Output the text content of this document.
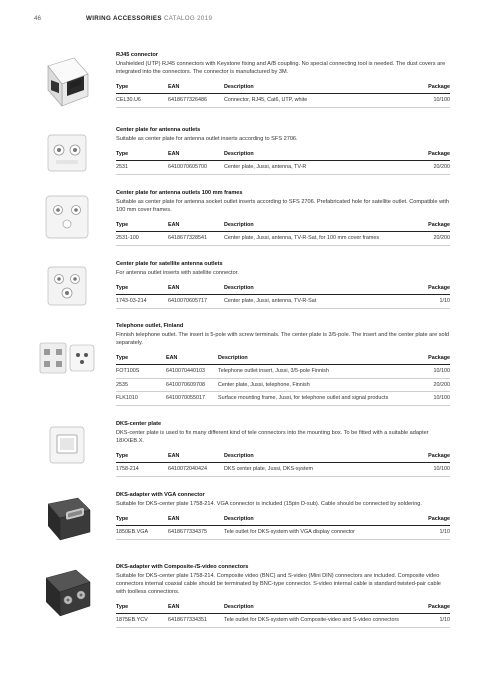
46	WIRING ACCESSORIES CATALOG 2019
RJ45 connector
Unshielded (UTP) RJ45 connectors with Keystone fixing and A/B coupling. No special connecting tool is needed. The dust covers are integrated into the connectors. The connector is manufactured by 3M.
Type	EAN	Description	Package
CEL30.U6	6418677326486	Connector, RJ45, Cat6, UTP, white	10/100
Center plate for antenna outlets
Suitable as center plate for antenna outlet inserts according to SFS 2706.
Type	EAN	Description	Package
2531	6410070605700	Center plate, Jussi, antenna, TV-R	20/200
Center plate for antenna outlets 100 mm frames
Suitable as center plate for antenna socket outlet inserts according to SFS 2706. Prefabricated hole for satellite outlet. Compatible with 100 mm cover frames.
Type	EAN	Description	Package
2531-100	6418677328541	Center plate, Jussi, antenna, TV-R-Sat, for 100 mm cover frames	20/200
Center plate for satellite antenna outlets
For antenna outlet inserts with satellite connector.
Type	EAN	Description	Package
1743-03-214	6410070605717	Center plate, Jussi, antenna, TV-R-Sat	1/10
Telephone outlet, Finland
Finnish telephone outlet. The insert is 5-pole with screw terminals. The center plate is 3/5-pole. The insert and the center plate are sold separately.
Type	EAN	Description	Package
FOT100S	6410070440103	Telephone outlet insert, Jussi, 3/5-pole Finnish	10/100
2535	6410070609708	Center plate, Jussi, telephone, Finnish	20/200
FLK1010	6410070055017	Surface mounting frame, Jussi, for telephone outlet and signal products	10/100
DKS-center plate
DKS-center plate is used to fix many different kind of tele connectors into the mounting box. To be fitted with a suitable adapter 18XXEB.X.
Type	EAN	Description	Package
1758-214	6410072040424	DKS center plate, Jussi, DKS-system	10/100
DKS-adapter with VGA connector
Suitable for DKS-center plate 1758-214. VGA connector is included (15pin D-sub). Cable should be connected by soldering.
Type	EAN	Description	Package
1850EB.VGA	6418677334375	Tele outlet for DKS-system with VGA display connector	1/10
DKS-adapter with Composite-/S-video connectors
Suitable for DKS-center plate 1758-214. Composite video (BNC) and S-video (Mini DIN) connectors are included. Composite video connectors internal coaxial cable should be terminated by BNC-type connector. S-video internal cable is standard twisted-pair cable with toolless connections.
Type	EAN	Description	Package
1875EB.YCV	6418677334351	Tele outlet for DKS-system with Composite-video and S-video connectors	1/10
